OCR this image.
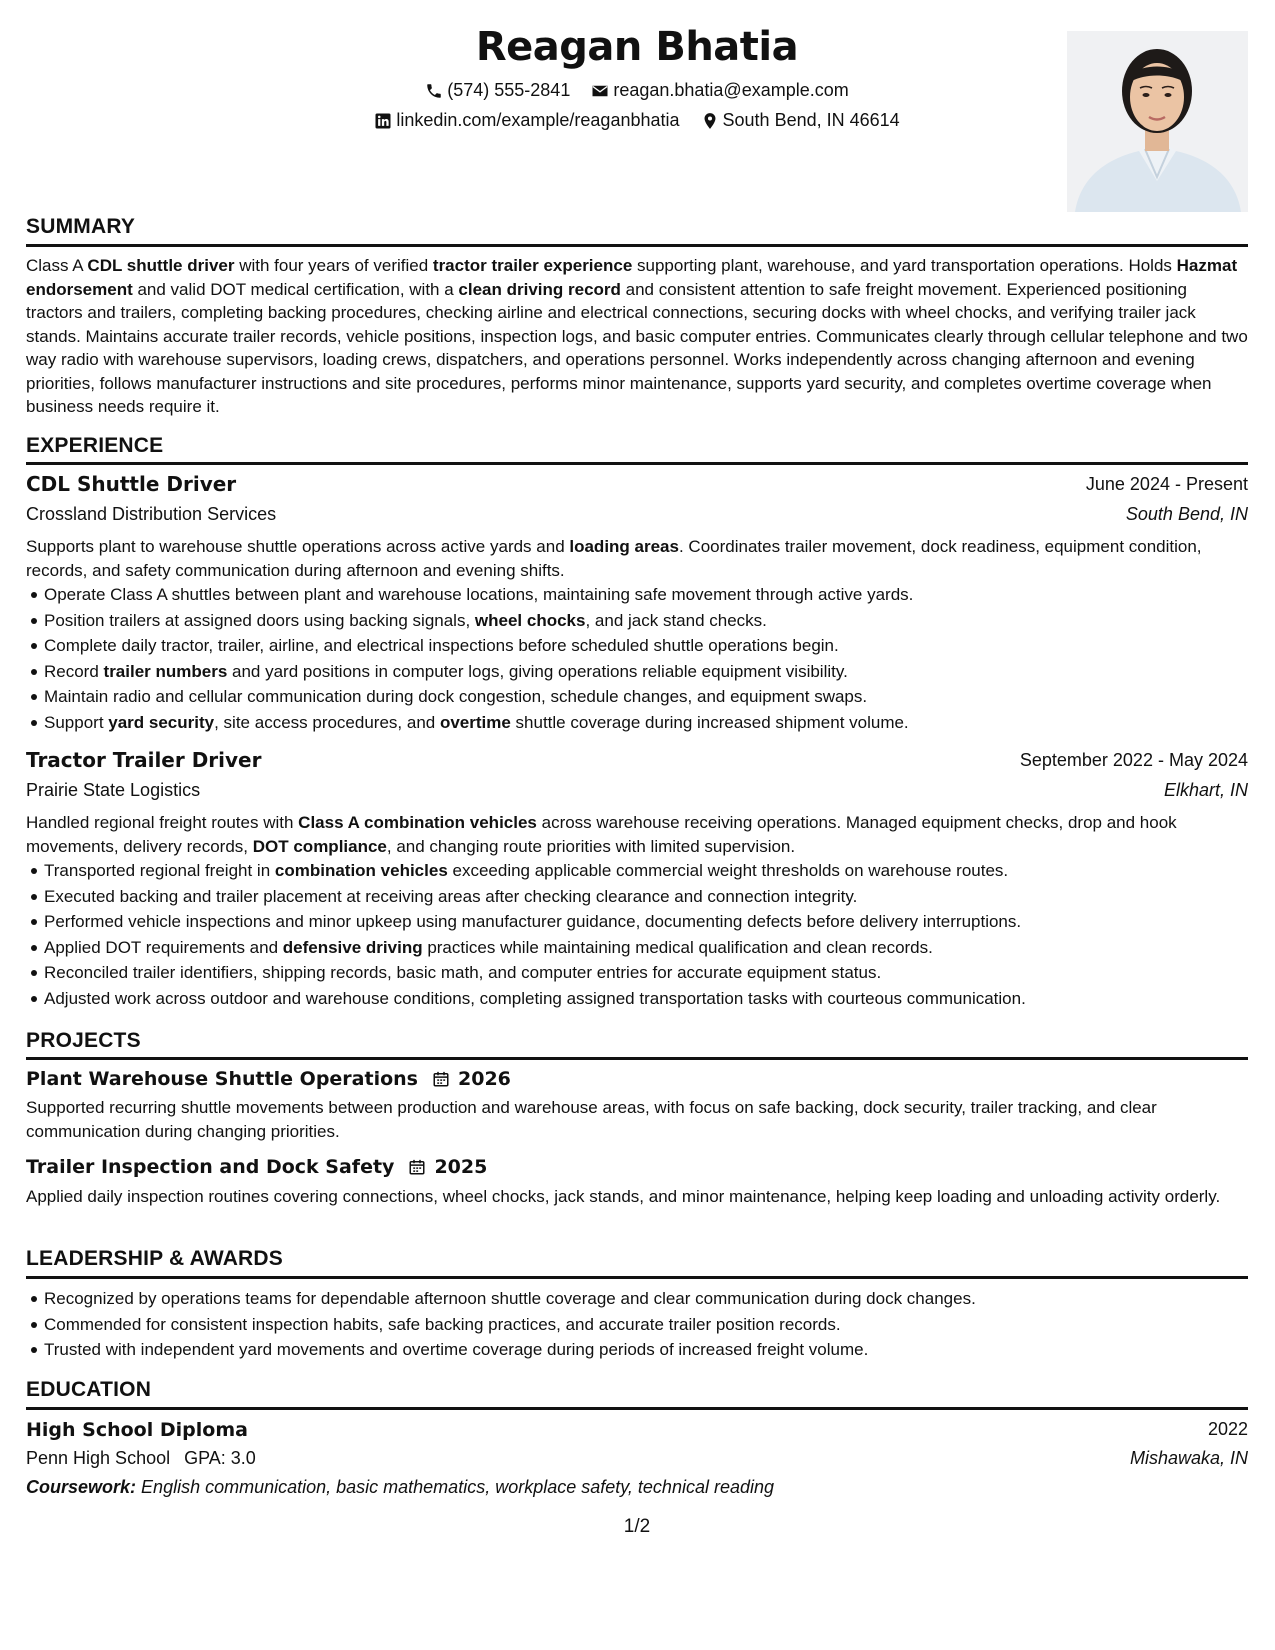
Reagan Bhatia
(574) 555-2841
reagan.bhatia@example.com
linkedin.com/example/reaganbhatia
South Bend, IN 46614
SUMMARY
Class A CDL shuttle driver with four years of verified tractor trailer experience supporting plant, warehouse, and yard transportation operations. Holds Hazmat endorsement and valid DOT medical certification, with a clean driving record and consistent attention to safe freight movement. Experienced positioning tractors and trailers, completing backing procedures, checking airline and electrical connections, securing docks with wheel chocks, and verifying trailer jack stands. Maintains accurate trailer records, vehicle positions, inspection logs, and basic computer entries. Communicates clearly through cellular telephone and two way radio with warehouse supervisors, loading crews, dispatchers, and operations personnel. Works independently across changing afternoon and evening priorities, follows manufacturer instructions and site procedures, performs minor maintenance, supports yard security, and completes overtime coverage when business needs require it.
EXPERIENCE
CDL Shuttle Driver	June 2024 - Present
Crossland Distribution Services	South Bend, IN
Supports plant to warehouse shuttle operations across active yards and loading areas. Coordinates trailer movement, dock readiness, equipment condition, records, and safety communication during afternoon and evening shifts.
Operate Class A shuttles between plant and warehouse locations, maintaining safe movement through active yards.
Position trailers at assigned doors using backing signals, wheel chocks, and jack stand checks.
Complete daily tractor, trailer, airline, and electrical inspections before scheduled shuttle operations begin.
Record trailer numbers and yard positions in computer logs, giving operations reliable equipment visibility.
Maintain radio and cellular communication during dock congestion, schedule changes, and equipment swaps.
Support yard security, site access procedures, and overtime shuttle coverage during increased shipment volume.
Tractor Trailer Driver	September 2022 - May 2024
Prairie State Logistics	Elkhart, IN
Handled regional freight routes with Class A combination vehicles across warehouse receiving operations. Managed equipment checks, drop and hook movements, delivery records, DOT compliance, and changing route priorities with limited supervision.
Transported regional freight in combination vehicles exceeding applicable commercial weight thresholds on warehouse routes.
Executed backing and trailer placement at receiving areas after checking clearance and connection integrity.
Performed vehicle inspections and minor upkeep using manufacturer guidance, documenting defects before delivery interruptions.
Applied DOT requirements and defensive driving practices while maintaining medical qualification and clean records.
Reconciled trailer identifiers, shipping records, basic math, and computer entries for accurate equipment status.
Adjusted work across outdoor and warehouse conditions, completing assigned transportation tasks with courteous communication.
PROJECTS
Plant Warehouse Shuttle Operations 2026
Supported recurring shuttle movements between production and warehouse areas, with focus on safe backing, dock security, trailer tracking, and clear communication during changing priorities.
Trailer Inspection and Dock Safety 2025
Applied daily inspection routines covering connections, wheel chocks, jack stands, and minor maintenance, helping keep loading and unloading activity orderly.
LEADERSHIP & AWARDS
Recognized by operations teams for dependable afternoon shuttle coverage and clear communication during dock changes.
Commended for consistent inspection habits, safe backing practices, and accurate trailer position records.
Trusted with independent yard movements and overtime coverage during periods of increased freight volume.
EDUCATION
High School Diploma	2022
Penn High School GPA: 3.0	Mishawaka, IN
Coursework: English communication, basic mathematics, workplace safety, technical reading
1/2
